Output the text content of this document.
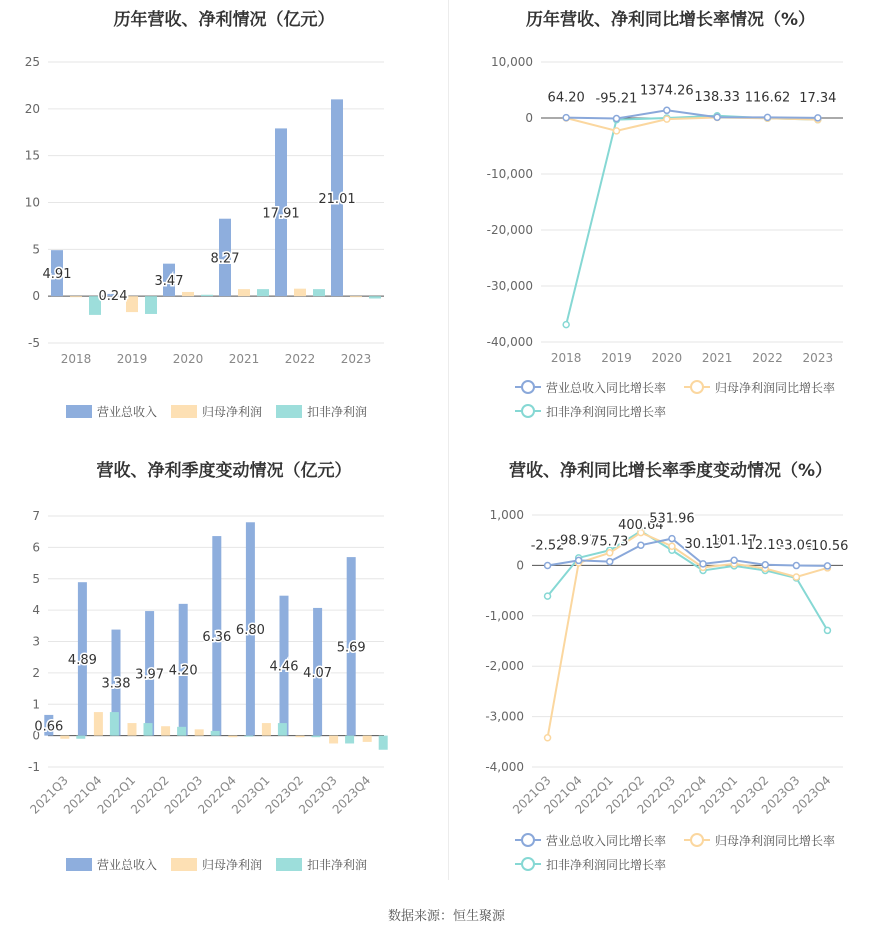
历年营收、净利情况（亿元）
-5
0
5
10
15
20
25
2018 2019 2020 2021 2022 2023
4.91
0.24
3.47
8.27
17.91
21.01
营业总收入	归母净利润	扣非净利润
历年营收、净利同比增长率情况（%）
-40,000
-30,000
-20,000
-10,000
0
10,000
2018 2019 2020 2021 2022 2023
64.20 -95.21
1374.26 138.33 116.62 17.34
营业总收入同比增长率	归母净利润同比增长率
扣非净利润同比增长率
营收、净利季度变动情况（亿元）
-1
0
1
2
3
4
5
6
7
2021Q3
2021Q4
2022Q1
2022Q2
2022Q3
2022Q4
2023Q1
2023Q2
2023Q3
2023Q4
0.66
4.89
3.38
3.97 4.20
6.36 6.80
4.46 4.07
5.69
营业总收入	归母净利润	扣非净利润
营收、净利同比增长率季度变动情况（%）
-4,000
-3,000
-2,000
-1,000
0
1,000
2021Q3
2021Q4
2022Q1
2022Q2
2022Q3
2022Q4
2023Q1
2023Q2
2023Q3
2023Q4
-2.52
98.97
75.73
400.64
531.96
30.13
101.17
12.19
-3.06
-10.56
营业总收入同比增长率	归母净利润同比增长率
扣非净利润同比增长率
数据来源：恒生聚源
